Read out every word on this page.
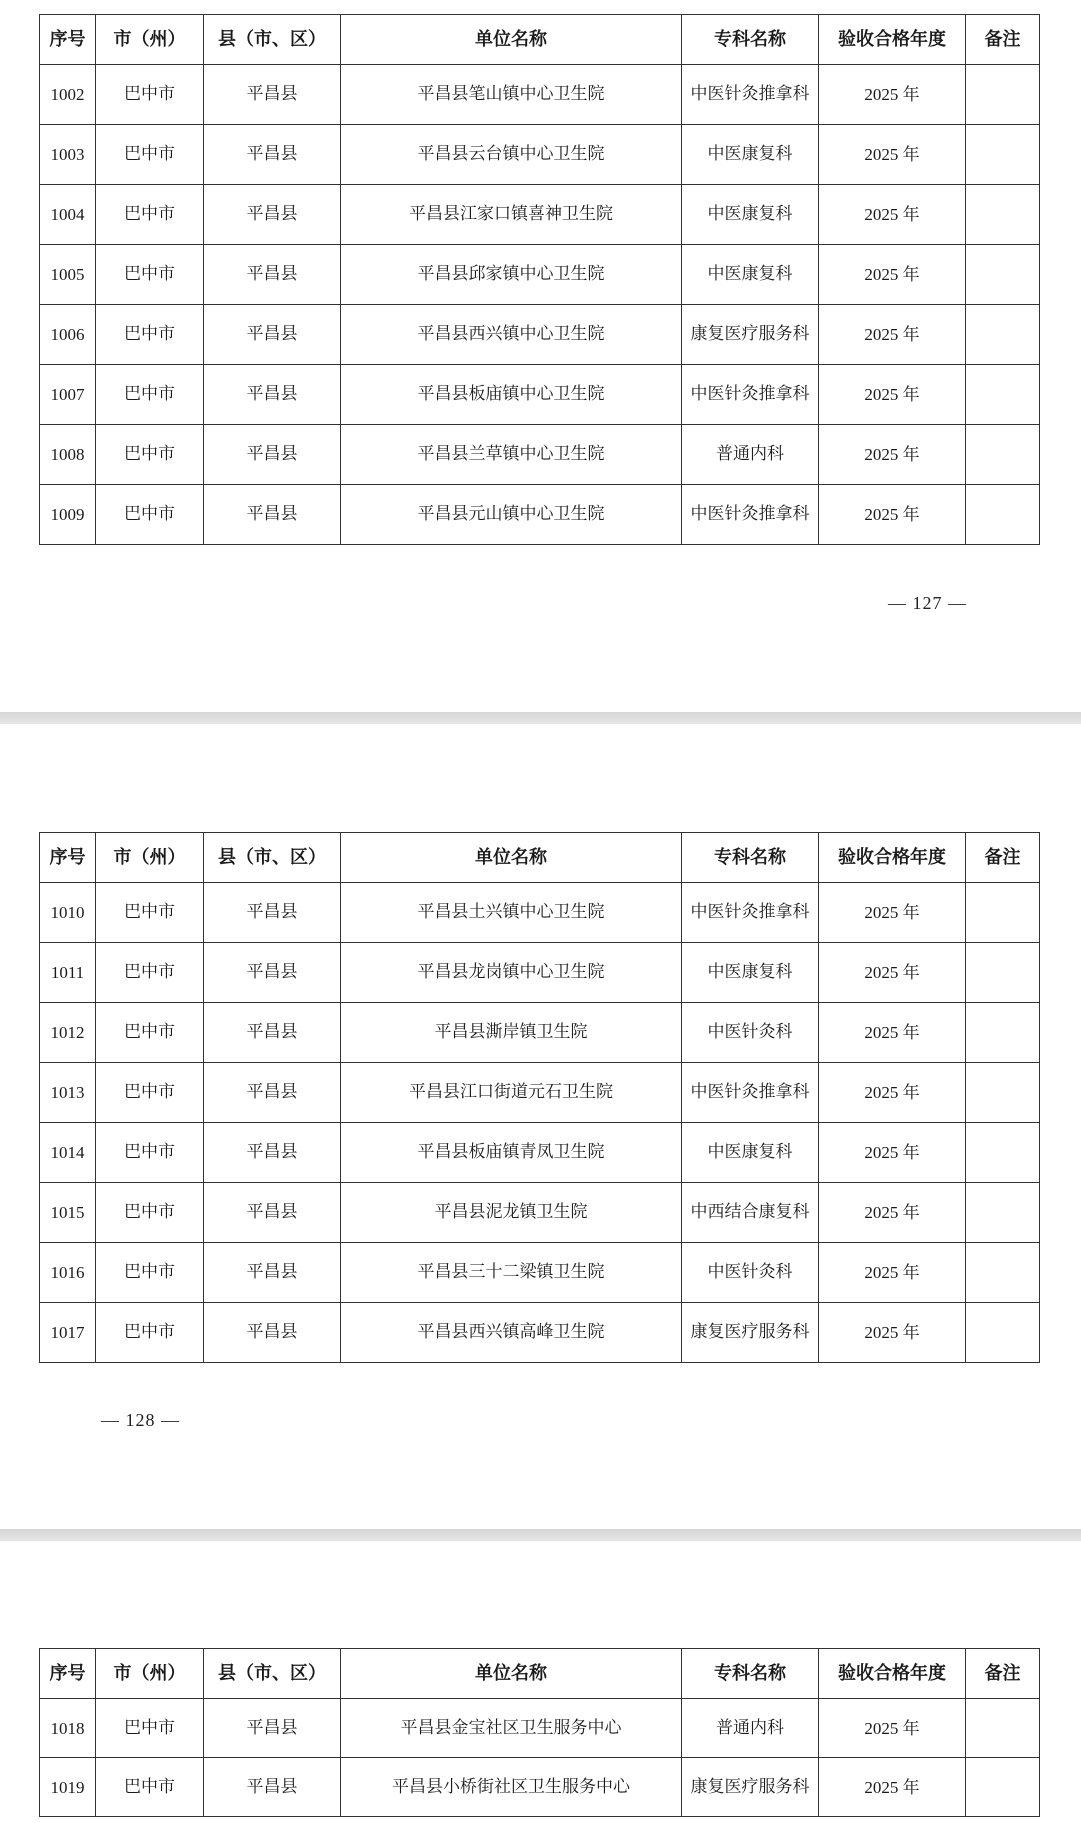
序号	市（州）	县（市、区）	单位名称	专科名称	验收合格年度	备注
1002	巴中市	平昌县	平昌县笔山镇中心卫生院	中医针灸推拿科	2025 年	
1003	巴中市	平昌县	平昌县云台镇中心卫生院	中医康复科	2025 年	
1004	巴中市	平昌县	平昌县江家口镇喜神卫生院	中医康复科	2025 年	
1005	巴中市	平昌县	平昌县邱家镇中心卫生院	中医康复科	2025 年	
1006	巴中市	平昌县	平昌县西兴镇中心卫生院	康复医疗服务科	2025 年	
1007	巴中市	平昌县	平昌县板庙镇中心卫生院	中医针灸推拿科	2025 年	
1008	巴中市	平昌县	平昌县兰草镇中心卫生院	普通内科	2025 年	
1009	巴中市	平昌县	平昌县元山镇中心卫生院	中医针灸推拿科	2025 年	
— 127 —
序号	市（州）	县（市、区）	单位名称	专科名称	验收合格年度	备注
1010	巴中市	平昌县	平昌县土兴镇中心卫生院	中医针灸推拿科	2025 年	
1011	巴中市	平昌县	平昌县龙岗镇中心卫生院	中医康复科	2025 年	
1012	巴中市	平昌县	平昌县澌岸镇卫生院	中医针灸科	2025 年	
1013	巴中市	平昌县	平昌县江口街道元石卫生院	中医针灸推拿科	2025 年	
1014	巴中市	平昌县	平昌县板庙镇青凤卫生院	中医康复科	2025 年	
1015	巴中市	平昌县	平昌县泥龙镇卫生院	中西结合康复科	2025 年	
1016	巴中市	平昌县	平昌县三十二梁镇卫生院	中医针灸科	2025 年	
1017	巴中市	平昌县	平昌县西兴镇高峰卫生院	康复医疗服务科	2025 年	
— 128 —
序号	市（州）	县（市、区）	单位名称	专科名称	验收合格年度	备注
1018	巴中市	平昌县	平昌县金宝社区卫生服务中心	普通内科	2025 年	
1019	巴中市	平昌县	平昌县小桥街社区卫生服务中心	康复医疗服务科	2025 年	
